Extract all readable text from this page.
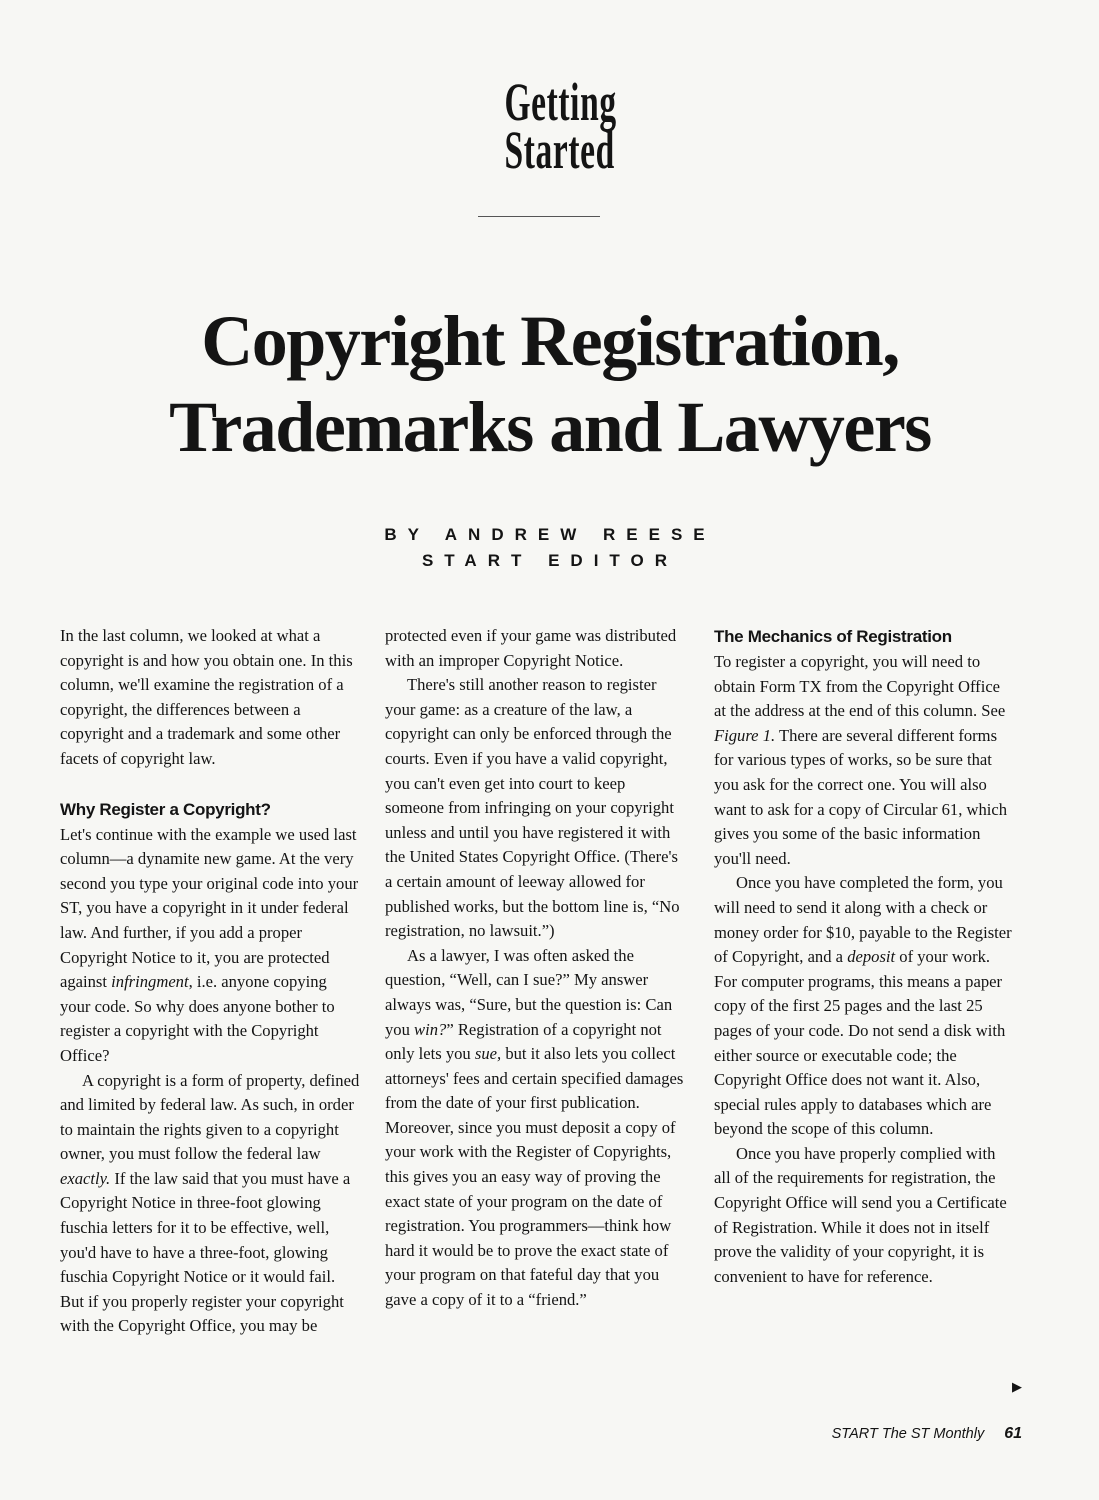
Getting
Started
Copyright Registration,
Trademarks and Lawyers
BY ANDREW REESE
START EDITOR

In the last column, we looked at what a copyright is and how you obtain one. In this column, we'll examine the registration of a copyright, the differences between a copyright and a trademark and some other facets of copyright law.

Why Register a Copyright?

Let's continue with the example we used last column—a dynamite new game. At the very second you type your original code into your ST, you have a copyright in it under federal law. And further, if you add a proper Copyright Notice to it, you are protected against infringment, i.e. anyone copying your code. So why does anyone bother to register a copyright with the Copyright Office?

A copyright is a form of property, defined and limited by federal law. As such, in order to maintain the rights given to a copyright owner, you must follow the federal law exactly. If the law said that you must have a Copyright Notice in three-foot glowing fuschia letters for it to be effective, well, you'd have to have a three-foot, glowing fuschia Copyright Notice or it would fail. But if you properly register your copyright with the Copyright Office, you may be

protected even if your game was distributed with an improper Copyright Notice.

There's still another reason to register your game: as a creature of the law, a copyright can only be enforced through the courts. Even if you have a valid copyright, you can't even get into court to keep someone from infringing on your copyright unless and until you have registered it with the United States Copyright Office. (There's a certain amount of leeway allowed for published works, but the bottom line is, “No registration, no lawsuit.”)

As a lawyer, I was often asked the question, “Well, can I sue?” My answer always was, “Sure, but the question is: Can you win?” Registration of a copyright not only lets you sue, but it also lets you collect attorneys' fees and certain specified damages from the date of your first publication. Moreover, since you must deposit a copy of your work with the Register of Copyrights, this gives you an easy way of proving the exact state of your program on the date of registration. You programmers—think how hard it would be to prove the exact state of your program on that fateful day that you gave a copy of it to a “friend.”

The Mechanics of Registration

To register a copyright, you will need to obtain Form TX from the Copyright Office at the address at the end of this column. See Figure 1. There are several different forms for various types of works, so be sure that you ask for the correct one. You will also want to ask for a copy of Circular 61, which gives you some of the basic information you'll need.

Once you have completed the form, you will need to send it along with a check or money order for $10, payable to the Register of Copyright, and a deposit of your work. For computer programs, this means a paper copy of the first 25 pages and the last 25 pages of your code. Do not send a disk with either source or executable code; the Copyright Office does not want it. Also, special rules apply to databases which are beyond the scope of this column.

Once you have properly complied with all of the requirements for registration, the Copyright Office will send you a Certificate of Registration. While it does not in itself prove the validity of your copyright, it is convenient to have for reference.

▶
START The ST Monthly 61
